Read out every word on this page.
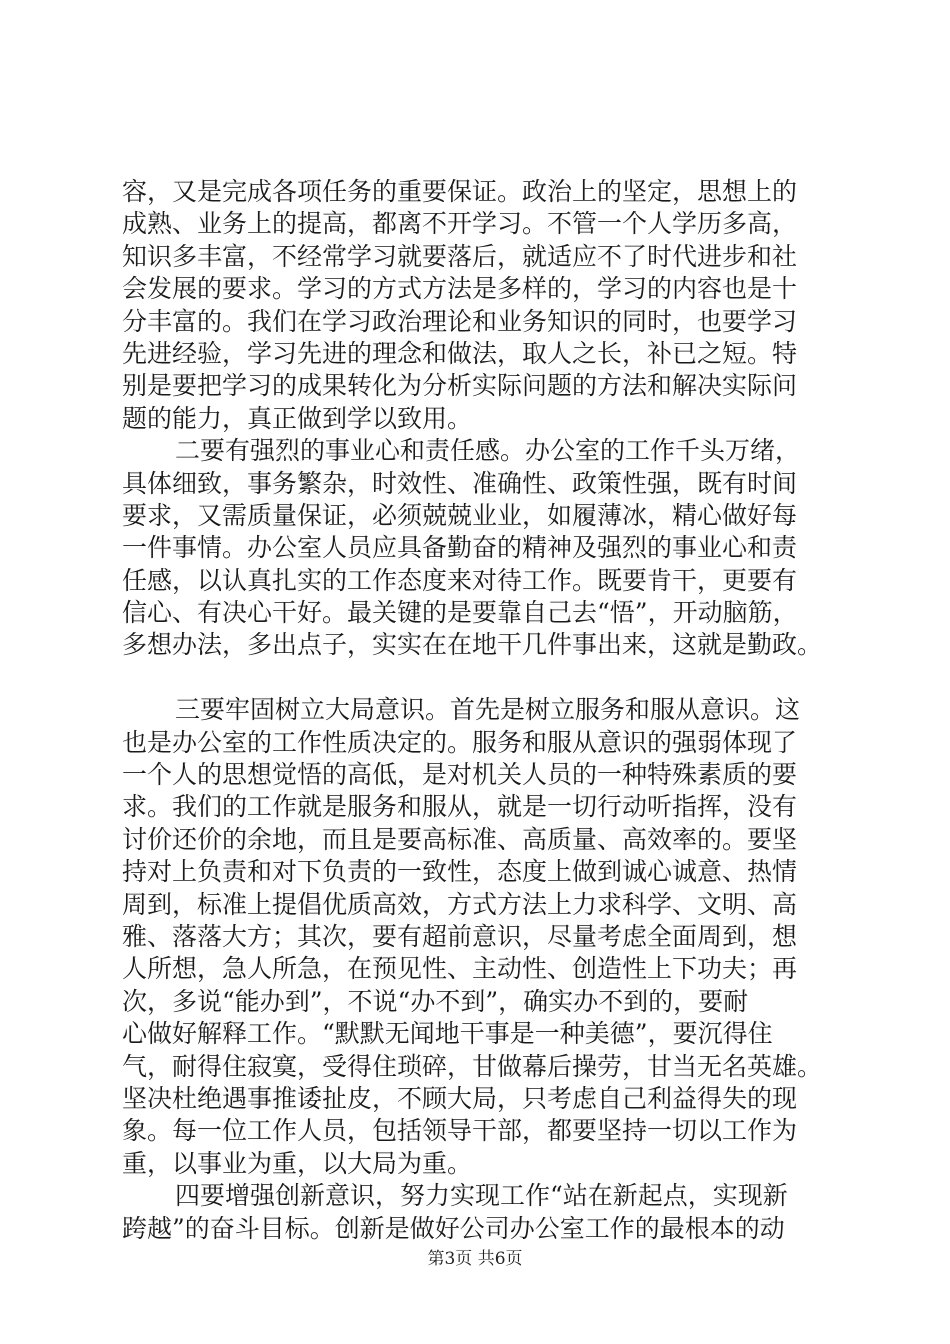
容，又是完成各项任务的重要保证。政治上的坚定，思想上的
成熟、业务上的提高，都离不开学习。不管一个人学历多高，
知识多丰富，不经常学习就要落后，就适应不了时代进步和社
会发展的要求。学习的方式方法是多样的，学习的内容也是十
分丰富的。我们在学习政治理论和业务知识的同时，也要学习
先进经验，学习先进的理念和做法，取人之长，补已之短。特
别是要把学习的成果转化为分析实际问题的方法和解决实际问
题的能力，真正做到学以致用。
二要有强烈的事业心和责任感。办公室的工作千头万绪，
具体细致，事务繁杂，时效性、准确性、政策性强，既有时间
要求，又需质量保证，必须兢兢业业，如履薄冰，精心做好每
一件事情。办公室人员应具备勤奋的精神及强烈的事业心和责
任感，以认真扎实的工作态度来对待工作。既要肯干，更要有
信心、有决心干好。最关键的是要靠自己去“悟”，开动脑筋，
多想办法，多出点子，实实在在地干几件事出来，这就是勤政。
三要牢固树立大局意识。首先是树立服务和服从意识。这
也是办公室的工作性质决定的。服务和服从意识的强弱体现了
一个人的思想觉悟的高低，是对机关人员的一种特殊素质的要
求。我们的工作就是服务和服从，就是一切行动听指挥，没有
讨价还价的余地，而且是要高标准、高质量、高效率的。要坚
持对上负责和对下负责的一致性，态度上做到诚心诚意、热情
周到，标准上提倡优质高效，方式方法上力求科学、文明、高
雅、落落大方；其次，要有超前意识，尽量考虑全面周到，想
人所想，急人所急，在预见性、主动性、创造性上下功夫；再
次，多说“能办到”，不说“办不到”，确实办不到的，要耐
心做好解释工作。“默默无闻地干事是一种美德”，要沉得住
气，耐得住寂寞，受得住琐碎，甘做幕后操劳，甘当无名英雄。
坚决杜绝遇事推诿扯皮，不顾大局，只考虑自己利益得失的现
象。每一位工作人员，包括领导干部，都要坚持一切以工作为
重，以事业为重，以大局为重。
四要增强创新意识，努力实现工作“站在新起点，实现新
跨越”的奋斗目标。创新是做好公司办公室工作的最根本的动
第3页 共6页
